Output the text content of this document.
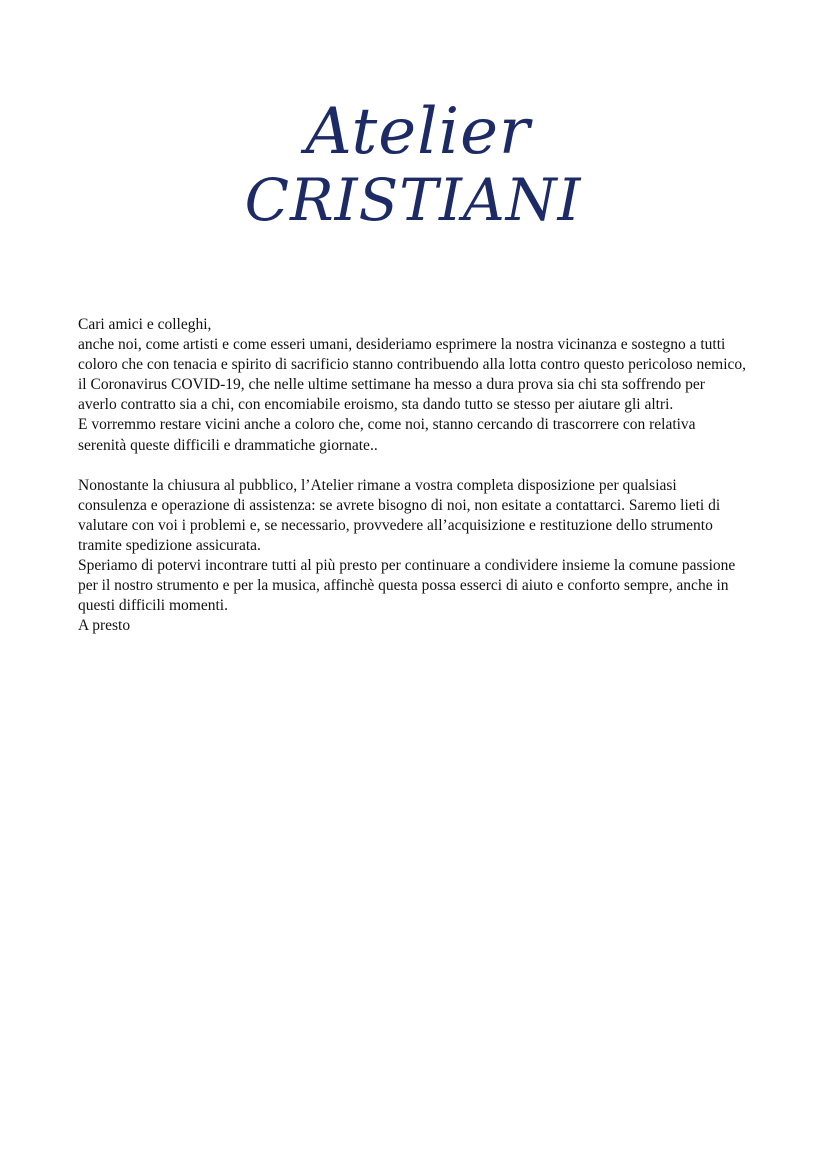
Atelier
CRISTIANI

Cari amici e colleghi,

anche noi, come artisti e come esseri umani, desideriamo esprimere la nostra vicinanza e sostegno a tutti coloro che con tenacia e spirito di sacrificio stanno contribuendo alla lotta contro questo pericoloso nemico, il Coronavirus COVID-19, che nelle ultime settimane ha messo a dura prova sia chi sta soffrendo per averlo contratto sia a chi, con encomiabile eroismo, sta dando tutto se stesso per aiutare gli altri.

E vorremmo restare vicini anche a coloro che, come noi, stanno cercando di trascorrere con relativa serenità queste difficili e drammatiche giornate..

Nonostante la chiusura al pubblico, l’Atelier rimane a vostra completa disposizione per qualsiasi consulenza e operazione di assistenza: se avrete bisogno di noi, non esitate a contattarci. Saremo lieti di valutare con voi i problemi e, se necessario, provvedere all’acquisizione e restituzione dello strumento tramite spedizione assicurata.

Speriamo di potervi incontrare tutti al più presto per continuare a condividere insieme la comune passione per il nostro strumento e per la musica, affinchè questa possa esserci di aiuto e conforto sempre, anche in questi difficili momenti.

A presto
